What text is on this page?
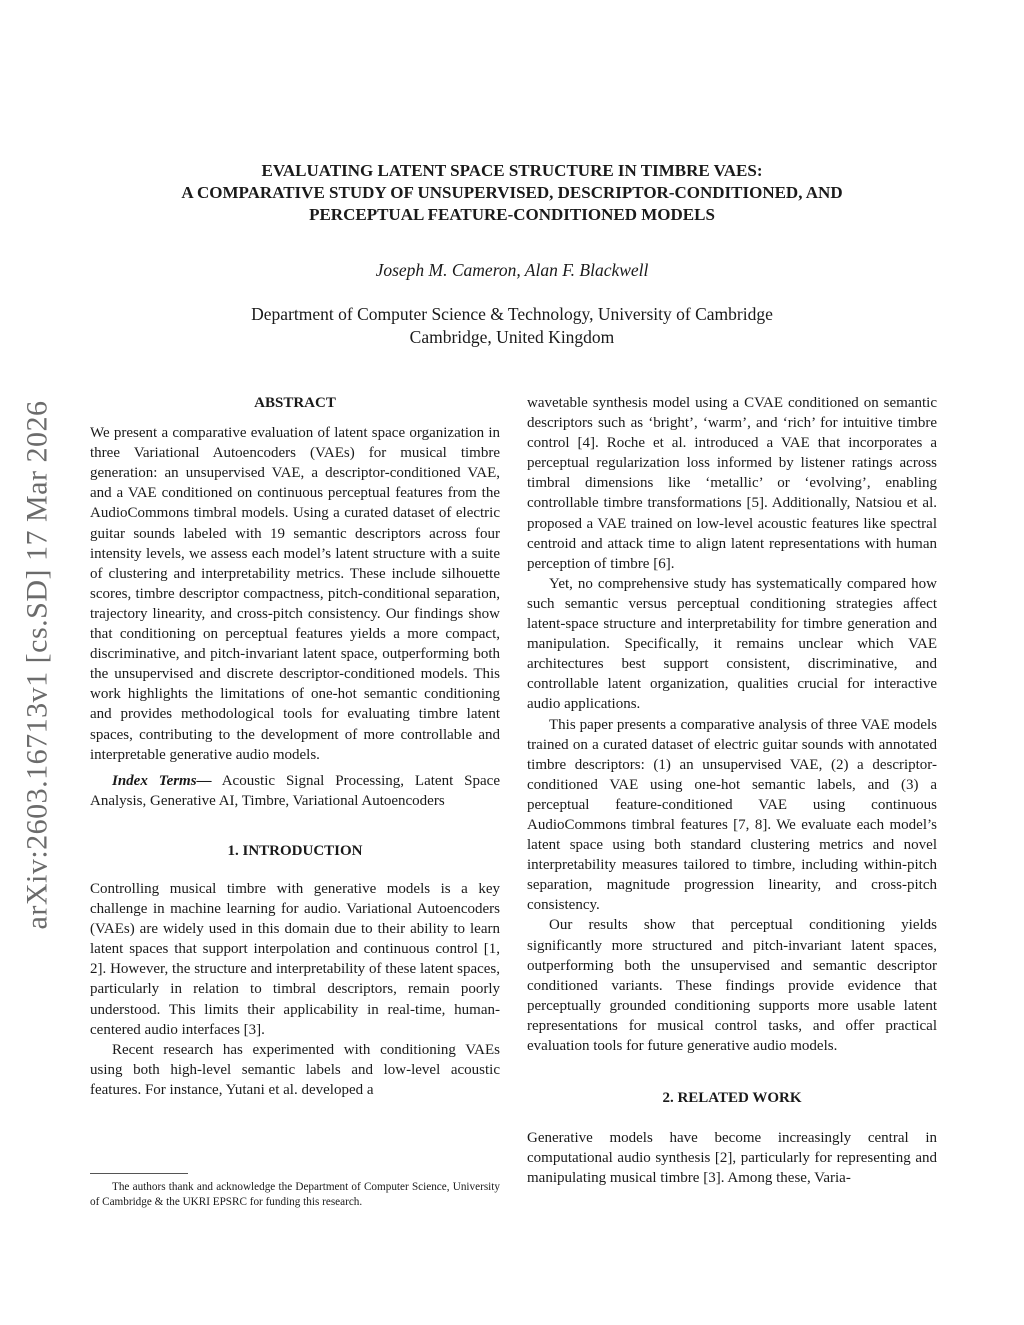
arXiv:2603.16713v1 [cs.SD] 17 Mar 2026
EVALUATING LATENT SPACE STRUCTURE IN TIMBRE VAES:
A COMPARATIVE STUDY OF UNSUPERVISED, DESCRIPTOR-CONDITIONED, AND
PERCEPTUAL FEATURE-CONDITIONED MODELS
Joseph M. Cameron, Alan F. Blackwell
Department of Computer Science & Technology, University of Cambridge
Cambridge, United Kingdom
ABSTRACT

We present a comparative evaluation of latent space organization in three Variational Autoencoders (VAEs) for musical timbre generation: an unsupervised VAE, a descriptor-conditioned VAE, and a VAE conditioned on continuous perceptual features from the AudioCommons timbral models. Using a curated dataset of electric guitar sounds labeled with 19 semantic descriptors across four intensity levels, we assess each model’s latent structure with a suite of clustering and interpretability metrics. These include silhouette scores, timbre descriptor compactness, pitch-conditional separation, trajectory linearity, and cross-pitch consistency. Our findings show that conditioning on perceptual features yields a more compact, discriminative, and pitch-invariant latent space, outperforming both the unsupervised and discrete descriptor-conditioned models. This work highlights the limitations of one-hot semantic conditioning and provides methodological tools for evaluating timbre latent spaces, contributing to the development of more controllable and interpretable generative audio models.

Index Terms— Acoustic Signal Processing, Latent Space Analysis, Generative AI, Timbre, Variational Autoencoders

1. INTRODUCTION

Controlling musical timbre with generative models is a key challenge in machine learning for audio. Variational Autoencoders (VAEs) are widely used in this domain due to their ability to learn latent spaces that support interpolation and continuous control [1, 2]. However, the structure and interpretability of these latent spaces, particularly in relation to timbral descriptors, remain poorly understood. This limits their applicability in real-time, human-centered audio interfaces [3].

Recent research has experimented with conditioning VAEs using both high-level semantic labels and low-level acoustic features. For instance, Yutani et al. developed a

The authors thank and acknowledge the Department of Computer Science, University of Cambridge & the UKRI EPSRC for funding this research.

wavetable synthesis model using a CVAE conditioned on semantic descriptors such as ‘bright’, ‘warm’, and ‘rich’ for intuitive timbre control [4]. Roche et al. introduced a VAE that incorporates a perceptual regularization loss informed by listener ratings across timbral dimensions like ‘metallic’ or ‘evolving’, enabling controllable timbre transformations [5]. Additionally, Natsiou et al. proposed a VAE trained on low-level acoustic features like spectral centroid and attack time to align latent representations with human perception of timbre [6].

Yet, no comprehensive study has systematically compared how such semantic versus perceptual conditioning strategies affect latent-space structure and interpretability for timbre generation and manipulation. Specifically, it remains unclear which VAE architectures best support consistent, discriminative, and controllable latent organization, qualities crucial for interactive audio applications.

This paper presents a comparative analysis of three VAE models trained on a curated dataset of electric guitar sounds with annotated timbre descriptors: (1) an unsupervised VAE, (2) a descriptor-conditioned VAE using one-hot semantic labels, and (3) a perceptual feature-conditioned VAE using continuous AudioCommons timbral features [7, 8]. We evaluate each model’s latent space using both standard clustering metrics and novel interpretability measures tailored to timbre, including within-pitch separation, magnitude progression linearity, and cross-pitch consistency.

Our results show that perceptual conditioning yields significantly more structured and pitch-invariant latent spaces, outperforming both the unsupervised and semantic descriptor conditioned variants. These findings provide evidence that perceptually grounded conditioning supports more usable latent representations for musical control tasks, and offer practical evaluation tools for future generative audio models.

2. RELATED WORK

Generative models have become increasingly central in computational audio synthesis [2], particularly for representing and manipulating musical timbre [3]. Among these, Varia-
